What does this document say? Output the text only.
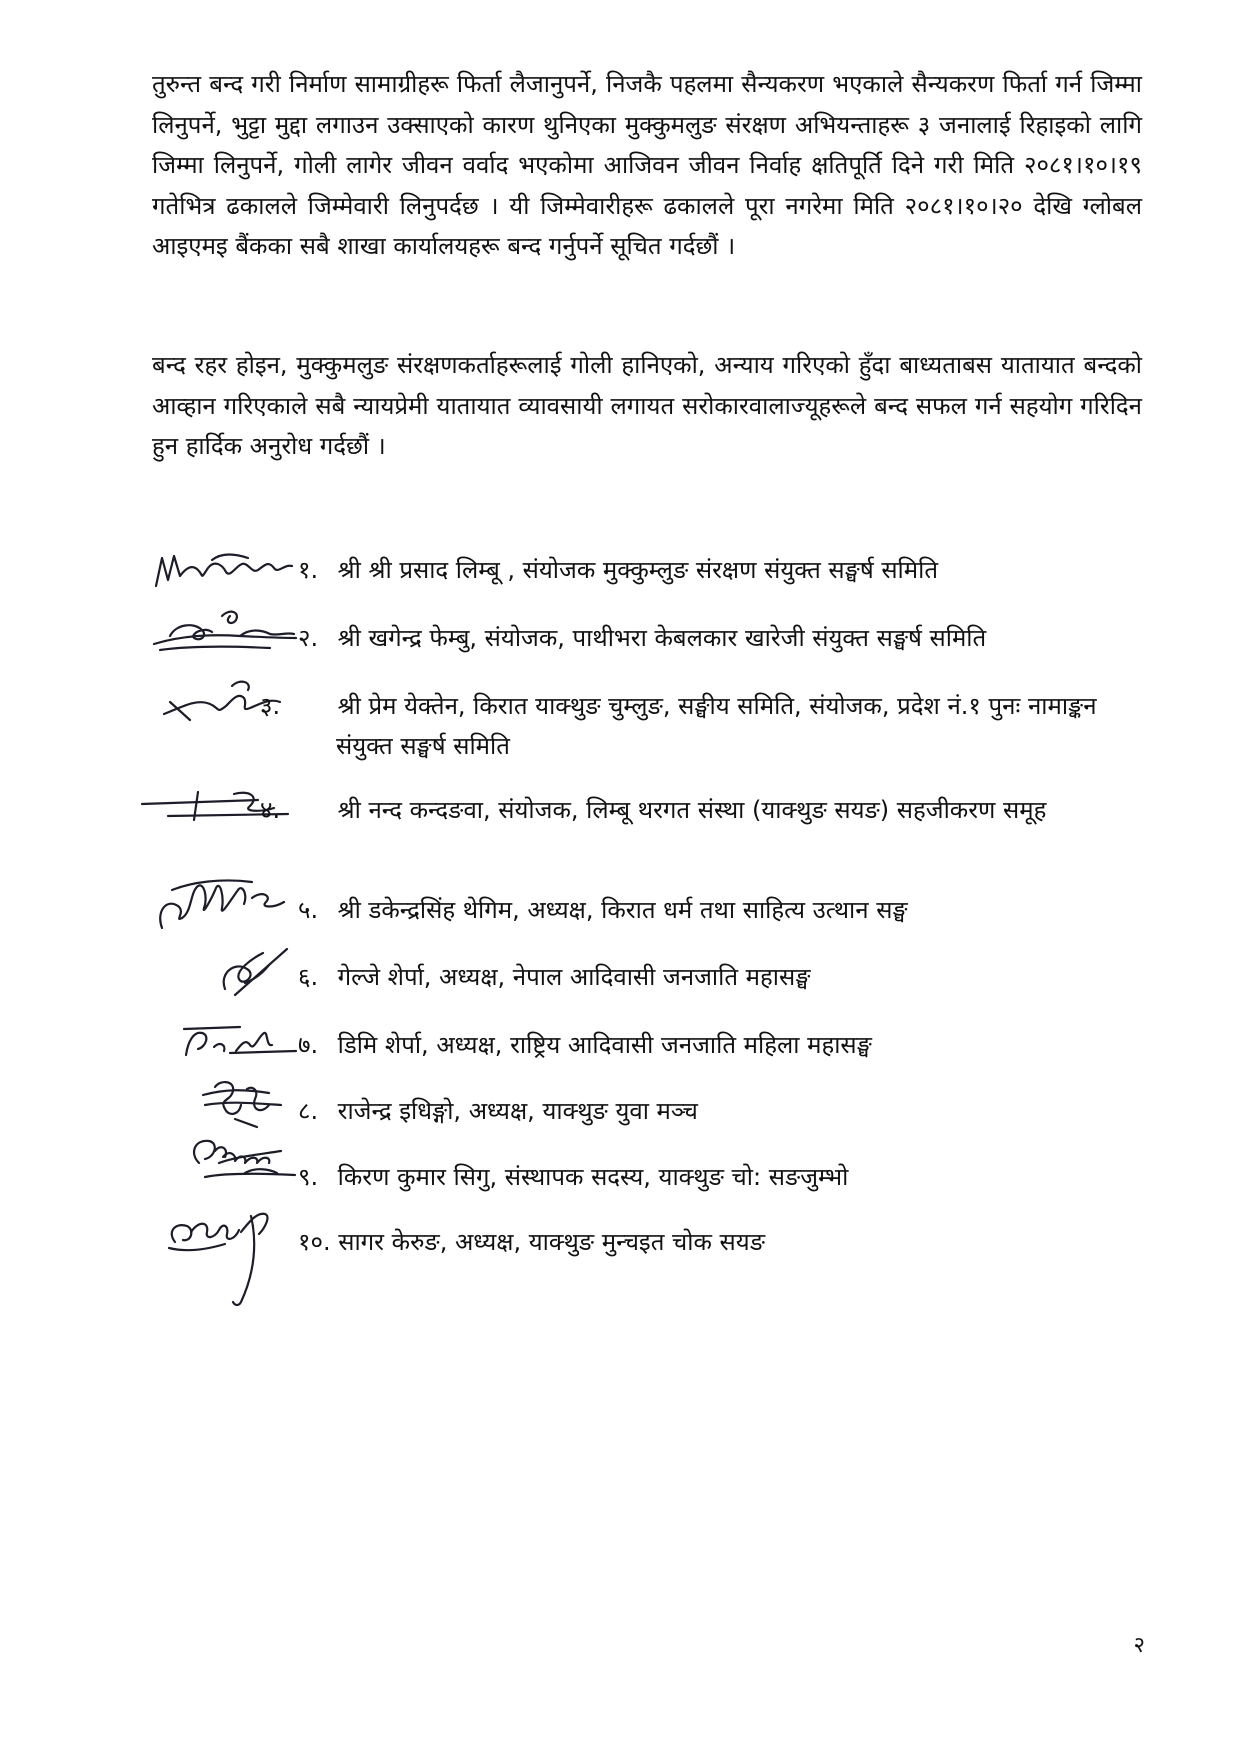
तुरुन्त बन्द गरी निर्माण सामाग्रीहरू फिर्ता लैजानुपर्ने, निजकै पहलमा सैन्यकरण भएकाले सैन्यकरण फिर्ता गर्न जिम्मा लिनुपर्ने, भुट्टा मुद्दा लगाउन उक्साएको कारण थुनिएका मुक्कुमलुङ संरक्षण अभियन्ताहरू ३ जनालाई रिहाइको लागि जिम्मा लिनुपर्ने, गोली लागेर जीवन वर्वाद भएकोमा आजिवन जीवन निर्वाह क्षतिपूर्ति दिने गरी मिति २०८१।१०।१९ गतेभित्र ढकालले जिम्मेवारी लिनुपर्दछ । यी जिम्मेवारीहरू ढकालले पूरा नगरेमा मिति २०८१।१०।२० देखि ग्लोबल आइएमइ बैंकका सबै शाखा कार्यालयहरू बन्द गर्नुपर्ने सूचित गर्दछौं ।

बन्द रहर होइन, मुक्कुमलुङ संरक्षणकर्ताहरूलाई गोली हानिएको, अन्याय गरिएको हुँदा बाध्यताबस यातायात बन्दको आव्हान गरिएकाले सबै न्यायप्रेमी यातायात व्यावसायी लगायत सरोकारवालाज्यूहरूले बन्द सफल गर्न सहयोग गरिदिन हुन हार्दिक अनुरोध गर्दछौं ।

१. श्री श्री प्रसाद लिम्बू , संयोजक मुक्कुम्लुङ संरक्षण संयुक्त सङ्घर्ष समिति

२. श्री खगेन्द्र फेम्बु, संयोजक, पाथीभरा केबलकार खारेजी संयुक्त सङ्घर्ष समिति

३. श्री प्रेम येक्तेन, किरात याक्थुङ चुम्लुङ, सङ्घीय समिति, संयोजक, प्रदेश नं.१ पुनः नामाङ्कन संयुक्त सङ्घर्ष समिति

४. श्री नन्द कन्दङवा, संयोजक, लिम्बू थरगत संस्था (याक्थुङ सयङ) सहजीकरण समूह

५. श्री डकेन्द्रसिंह थेगिम, अध्यक्ष, किरात धर्म तथा साहित्य उत्थान सङ्घ

६. गेल्जे शेर्पा, अध्यक्ष, नेपाल आदिवासी जनजाति महासङ्घ

७. डिमि शेर्पा, अध्यक्ष, राष्ट्रिय आदिवासी जनजाति महिला महासङ्घ

८. राजेन्द्र इधिङ्गो, अध्यक्ष, याक्थुङ युवा मञ्च

९. किरण कुमार सिगु, संस्थापक सदस्य, याक्थुङ चो: सङजुम्भो

१०. सागर केरुङ, अध्यक्ष, याक्थुङ मुन्चइत चोक सयङ

२
